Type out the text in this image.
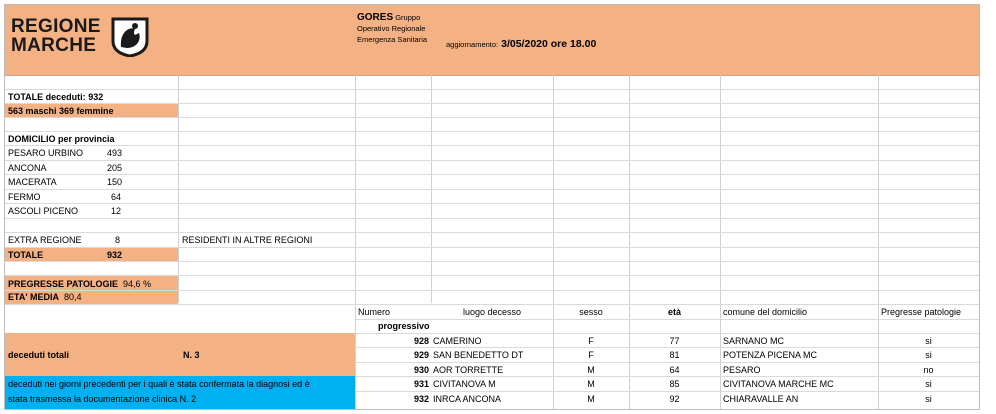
REGIONE
MARCHE
GORES Gruppo
Operativo Regionale
Emergenza Sanitaria
aggiornamento: 3/05/2020 ore 18.00
TOTALE deceduti: 932
563 maschi 369 femmine
DOMICILIO per provincia
PESARO URBINO	493
ANCONA	205
MACERATA	150
FERMO	64
ASCOLI PICENO	12
EXTRA REGIONE	8	RESIDENTI IN ALTRE REGIONI
TOTALE	932
PREGRESSE PATOLOGIE 94,6 %
ETA' MEDIA 80,4
Numero	luogo decesso	sesso	età	comune del domicilio	Pregresse patologie
progressivo
deceduti totali	N. 3
deceduti nei giorni precedenti per i quali è stata confermata la diagnosi ed è
stata trasmessa la documentazione clinica N. 2
928 CAMERINO	F	77	SARNANO MC	si
929 SAN BENEDETTO DT	F	81	POTENZA PICENA MC	si
930 AOR TORRETTE	M	64	PESARO	no
931 CIVITANOVA M	M	85	CIVITANOVA MARCHE MC	si
932 INRCA ANCONA	M	92	CHIARAVALLE AN	si
